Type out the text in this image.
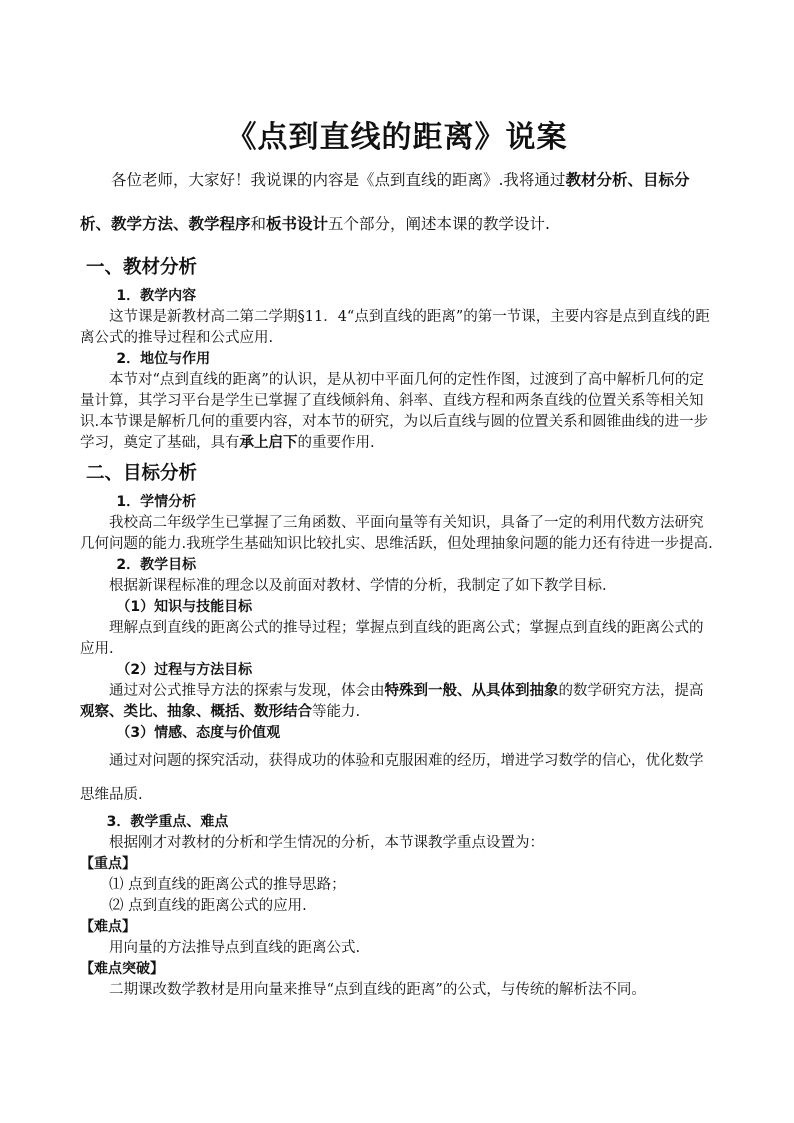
《点到直线的距离》说案
各位老师，大家好！我说课的内容是《点到直线的距离》.我将通过教材分析、目标分析、教学方法、教学程序和板书设计五个部分，阐述本课的教学设计.
一、教材分析

1．教学内容

这节课是新教材高二第二学期§11．4“点到直线的距离”的第一节课，主要内容是点到直线的距离公式的推导过程和公式应用.

2．地位与作用

本节对“点到直线的距离”的认识，是从初中平面几何的定性作图，过渡到了高中解析几何的定量计算，其学习平台是学生已掌握了直线倾斜角、斜率、直线方程和两条直线的位置关系等相关知识.本节课是解析几何的重要内容，对本节的研究，为以后直线与圆的位置关系和圆锥曲线的进一步学习，奠定了基础，具有承上启下的重要作用.

二、目标分析

1．学情分析

我校高二年级学生已掌握了三角函数、平面向量等有关知识，具备了一定的利用代数方法研究几何问题的能力.我班学生基础知识比较扎实、思维活跃，但处理抽象问题的能力还有待进一步提高.

2．教学目标

根据新课程标准的理念以及前面对教材、学情的分析，我制定了如下教学目标.

（1）知识与技能目标

理解点到直线的距离公式的推导过程；掌握点到直线的距离公式；掌握点到直线的距离公式的应用.

（2）过程与方法目标

通过对公式推导方法的探索与发现，体会由特殊到一般、从具体到抽象的数学研究方法，提高观察、类比、抽象、概括、数形结合等能力.

（3）情感、态度与价值观

通过对问题的探究活动，获得成功的体验和克服困难的经历，增进学习数学的信心，优化数学思维品质.

3．教学重点、难点

根据刚才对教材的分析和学生情况的分析，本节课教学重点设置为：

【重点】

⑴ 点到直线的距离公式的推导思路；

⑵ 点到直线的距离公式的应用.

【难点】

用向量的方法推导点到直线的距离公式.

【难点突破】

二期课改数学教材是用向量来推导“点到直线的距离”的公式，与传统的解析法不同。
